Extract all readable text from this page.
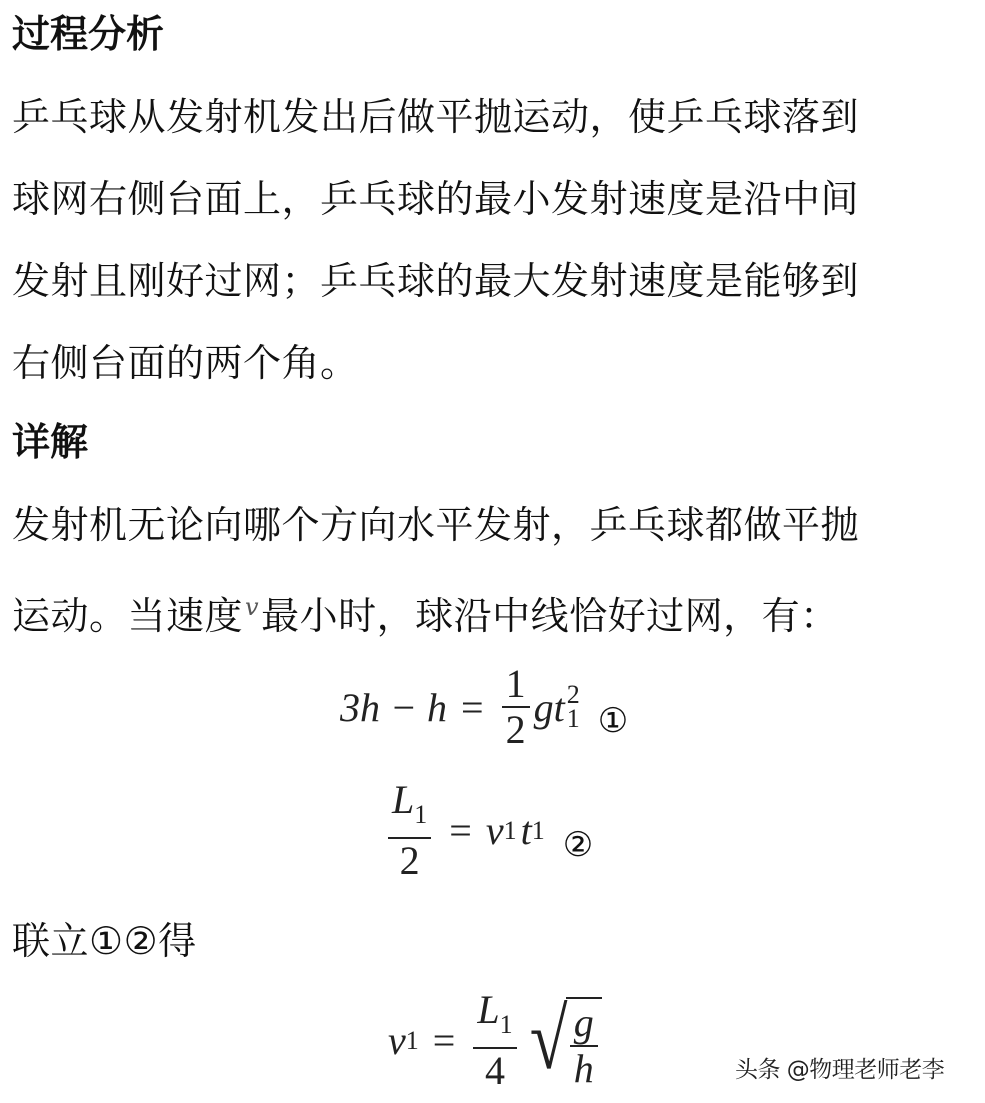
过程分析
乒乓球从发射机发出后做平抛运动，使乒乓球落到
球网右侧台面上，乒乓球的最小发射速度是沿中间
发射且刚好过网；乒乓球的最大发射速度是能够到
右侧台面的两个角。
详解
发射机无论向哪个方向水平发射，乒乓球都做平抛
运动。当速度$^v$最小时，球沿中线恰好过网，有：
$3h - h = \frac{1}{2}$ gt 2
1 ①
$\frac{L_1}{2} = v$ 1 t 1 ②
联立①②得
v $1 = \frac{L_1}{4}$ √ $\frac{g}{h}$	头条 @物理老师老李
